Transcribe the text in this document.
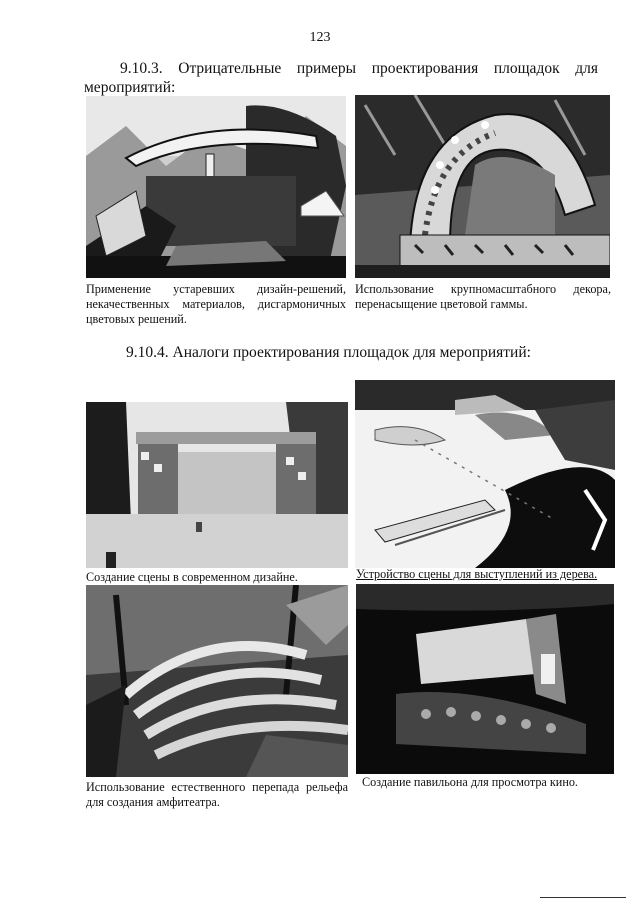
123
9.10.3. Отрицательные примеры проектирования площадок для
мероприятий:
Применение устаревших дизайн-решений, некачественных материалов, дисгармоничных цветовых решений.
Использование крупномасштабного декора, перенасыщение цветовой гаммы.
9.10.4. Аналоги проектирования площадок для мероприятий:
Создание сцены в современном дизайне.	Устройство сцены для выступлений из дерева.
Использование естественного перепада рельефа для создания амфитеатра.
Создание павильона для просмотра кино.
